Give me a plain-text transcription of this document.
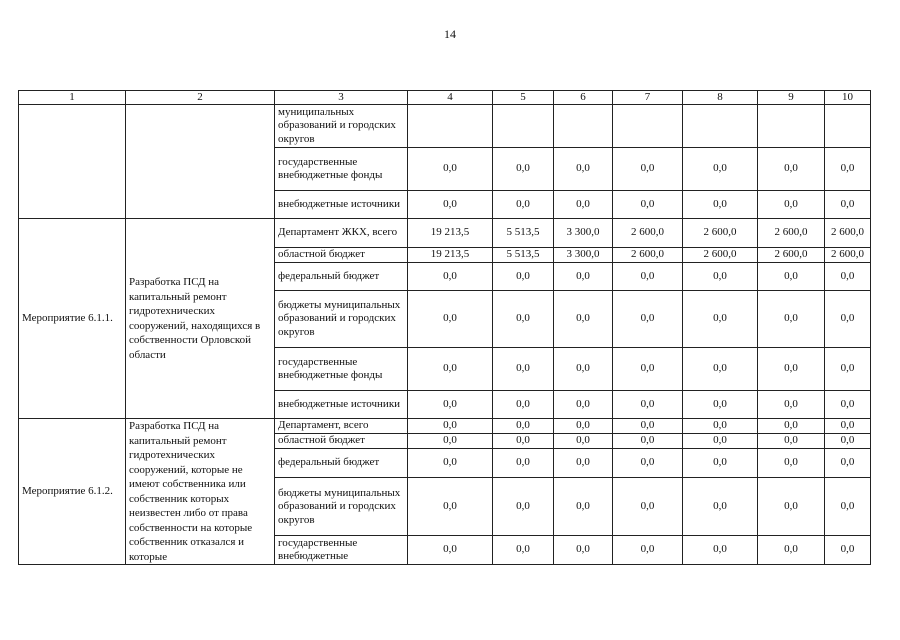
14
1	2	3	4	5	6	7	8	9	10
		муниципальных образований и городских округов							
		государственные внебюджетные фонды	0,0	0,0	0,0	0,0	0,0	0,0	0,0
		внебюджетные источники	0,0	0,0	0,0	0,0	0,0	0,0	0,0
Мероприятие 6.1.1.	Разработка ПСД на капитальный ремонт гидротехнических сооружений, находящихся в собственности Орловской области	Департамент ЖКХ, всего	19 213,5	5 513,5	3 300,0	2 600,0	2 600,0	2 600,0	2 600,0
		областной бюджет	19 213,5	5 513,5	3 300,0	2 600,0	2 600,0	2 600,0	2 600,0
		федеральный бюджет	0,0	0,0	0,0	0,0	0,0	0,0	0,0
		бюджеты муниципальных образований и городских округов	0,0	0,0	0,0	0,0	0,0	0,0	0,0
		государственные внебюджетные фонды	0,0	0,0	0,0	0,0	0,0	0,0	0,0
		внебюджетные источники	0,0	0,0	0,0	0,0	0,0	0,0	0,0
Мероприятие 6.1.2.	Разработка ПСД на капитальный ремонт гидротехнических сооружений, которые не имеют собственника или собственник которых неизвестен либо от права собственности на которые собственник отказался и которые	Департамент, всего	0,0	0,0	0,0	0,0	0,0	0,0	0,0
		областной бюджет	0,0	0,0	0,0	0,0	0,0	0,0	0,0
		федеральный бюджет	0,0	0,0	0,0	0,0	0,0	0,0	0,0
		бюджеты муниципальных образований и городских округов	0,0	0,0	0,0	0,0	0,0	0,0	0,0
		государственные внебюджетные	0,0	0,0	0,0	0,0	0,0	0,0	0,0
